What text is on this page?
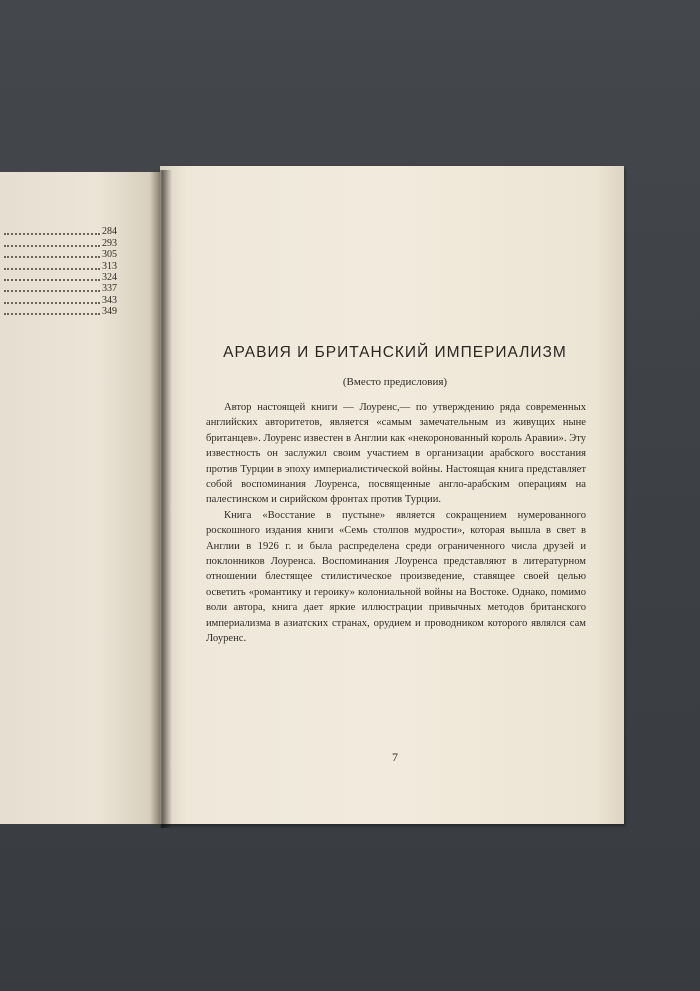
284
293
305
313
324
337
343
349
АРАВИЯ И БРИТАНСКИЙ ИМПЕРИАЛИЗМ
(Вместо предисловия)

Автор настоящей книги — Лоуренс,— по утверждению ряда современных английских авторитетов, является «самым замечательным из живущих ныне британцев». Лоуренс известен в Англии как «некоронованный король Аравии». Эту известность он заслужил своим участием в организации арабского восстания против Турции в эпоху империалистической войны. Настоящая книга представляет собой воспоминания Лоуренса, посвященные англо-арабским операциям на палестинском и сирийском фронтах против Турции.

Книга «Восстание в пустыне» является сокращением нумерованного роскошного издания книги «Семь столпов мудрости», которая вышла в свет в Англии в 1926 г. и была распределена среди ограниченного числа друзей и поклонников Лоуренса. Воспоминания Лоуренса представляют в литературном отношении блестящее стилистическое произведение, ставящее своей целью осветить «романтику и героику» колониальной войны на Востоке. Однако, помимо воли автора, книга дает яркие иллюстрации привычных методов британского империализма в азиатских странах, орудием и проводником которого являлся сам Лоуренс.

7
